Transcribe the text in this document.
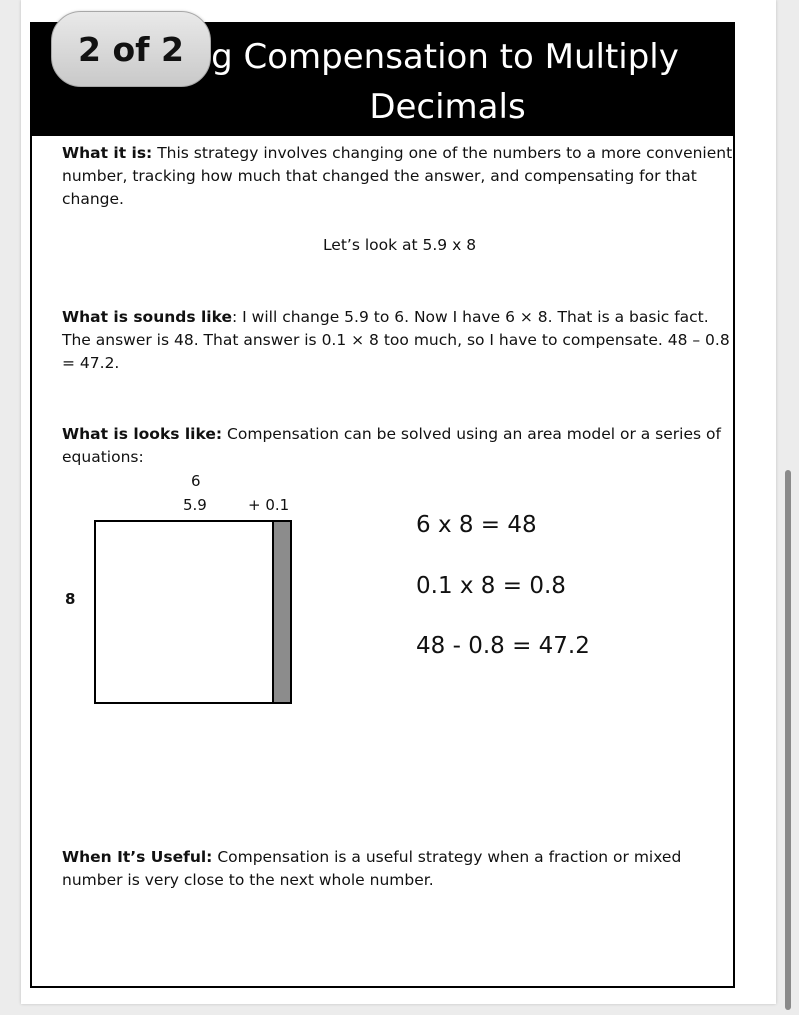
g Compensation to Multiply
Decimals
2 of 2
What it is: This strategy involves changing one of the numbers to a more convenient number, tracking how much that changed the answer, and compensating for that change.
Let’s look at 5.9 x 8
What is sounds like: I will change 5.9 to 6. Now I have 6 × 8. That is a basic fact. The answer is 48. That answer is 0.1 × 8 too much, so I have to compensate. 48 – 0.8 = 47.2.
What is looks like: Compensation can be solved using an area model or a series of equations:
6
5.9	+ 0.1
8
6 x 8 = 48
0.1 x 8 = 0.8
48 - 0.8 = 47.2
When It’s Useful: Compensation is a useful strategy when a fraction or mixed number is very close to the next whole number.
